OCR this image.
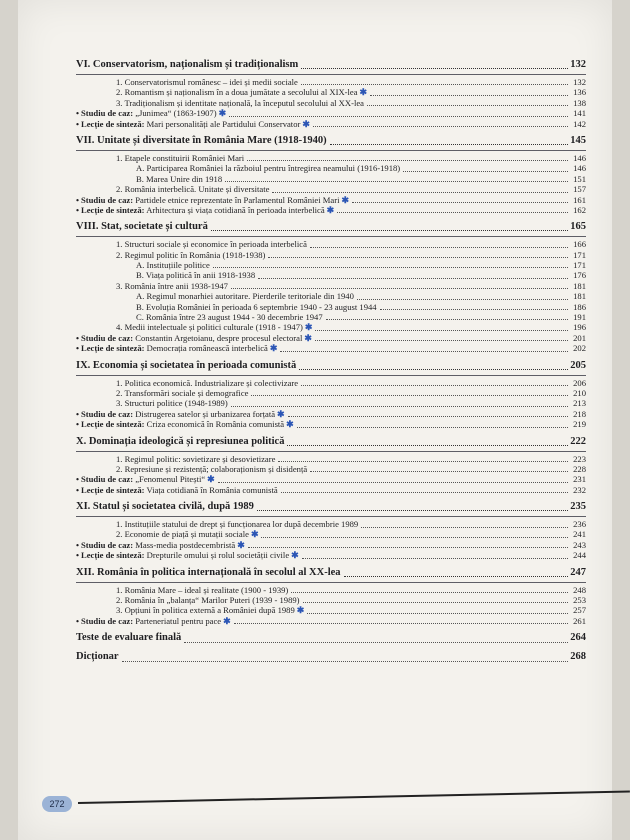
VI. Conservatorism, naționalism și tradiționalism	132
1. Conservatorismul românesc – idei și medii sociale	132
2. Romantism și naționalism în a doua jumătate a secolului al XIX-lea ✱	136
3. Tradiționalism și identitate națională, la începutul secolului al XX-lea	138
• Studiu de caz: „Junimea“ (1863-1907) ✱	141
• Lecție de sinteză: Mari personalități ale Partidului Conservator ✱	142
VII. Unitate și diversitate în România Mare (1918-1940)	145
1. Etapele constituirii României Mari	146
A. Participarea României la războiul pentru întregirea neamului (1916-1918)	146
B. Marea Unire din 1918	151
2. România interbelică. Unitate și diversitate	157
• Studiu de caz: Partidele etnice reprezentate în Parlamentul României Mari ✱	161
• Lecție de sinteză: Arhitectura și viața cotidiană în perioada interbelică ✱	162
VIII. Stat, societate și cultură	165
1. Structuri sociale și economice în perioada interbelică	166
2. Regimul politic în România (1918-1938)	171
A. Instituțiile politice	171
B. Viața politică în anii 1918-1938	176
3. România între anii 1938-1947	181
A. Regimul monarhiei autoritare. Pierderile teritoriale din 1940	181
B. Evoluția României în perioada 6 septembrie 1940 - 23 august 1944	186
C. România între 23 august 1944 - 30 decembrie 1947	191
4. Medii intelectuale și politici culturale (1918 - 1947) ✱	196
• Studiu de caz: Constantin Argetoianu, despre procesul electoral ✱	201
• Lecție de sinteză: Democrația românească interbelică ✱	202
IX. Economia și societatea în perioada comunistă	205
1. Politica economică. Industrializare și colectivizare	206
2. Transformări sociale și demografice	210
3. Structuri politice (1948-1989)	213
• Studiu de caz: Distrugerea satelor și urbanizarea forțată ✱	218
• Lecție de sinteză: Criza economică în România comunistă ✱	219
X. Dominația ideologică și represiunea politică	222
1. Regimul politic: sovietizare și desovietizare	223
2. Represiune și rezistență; colaboraționism și disidență	228
• Studiu de caz: „Fenomenul Pitești“ ✱	231
• Lecție de sinteză: Viața cotidiană în România comunistă	232
XI. Statul și societatea civilă, după 1989	235
1. Instituțiile statului de drept și funcționarea lor după decembrie 1989	236
2. Economie de piață și mutații sociale ✱	241
• Studiu de caz: Mass-media postdecembristă ✱	243
• Lecție de sinteză: Drepturile omului și rolul societății civile ✱	244
XII. România în politica internațională în secolul al XX-lea	247
1. România Mare – ideal și realitate (1900 - 1939)	248
2. România în „balanța“ Marilor Puteri (1939 - 1989)	253
3. Opțiuni în politica externă a României după 1989 ✱	257
• Studiu de caz: Parteneriatul pentru pace ✱	261
Teste de evaluare finală	264
Dicționar	268
272
